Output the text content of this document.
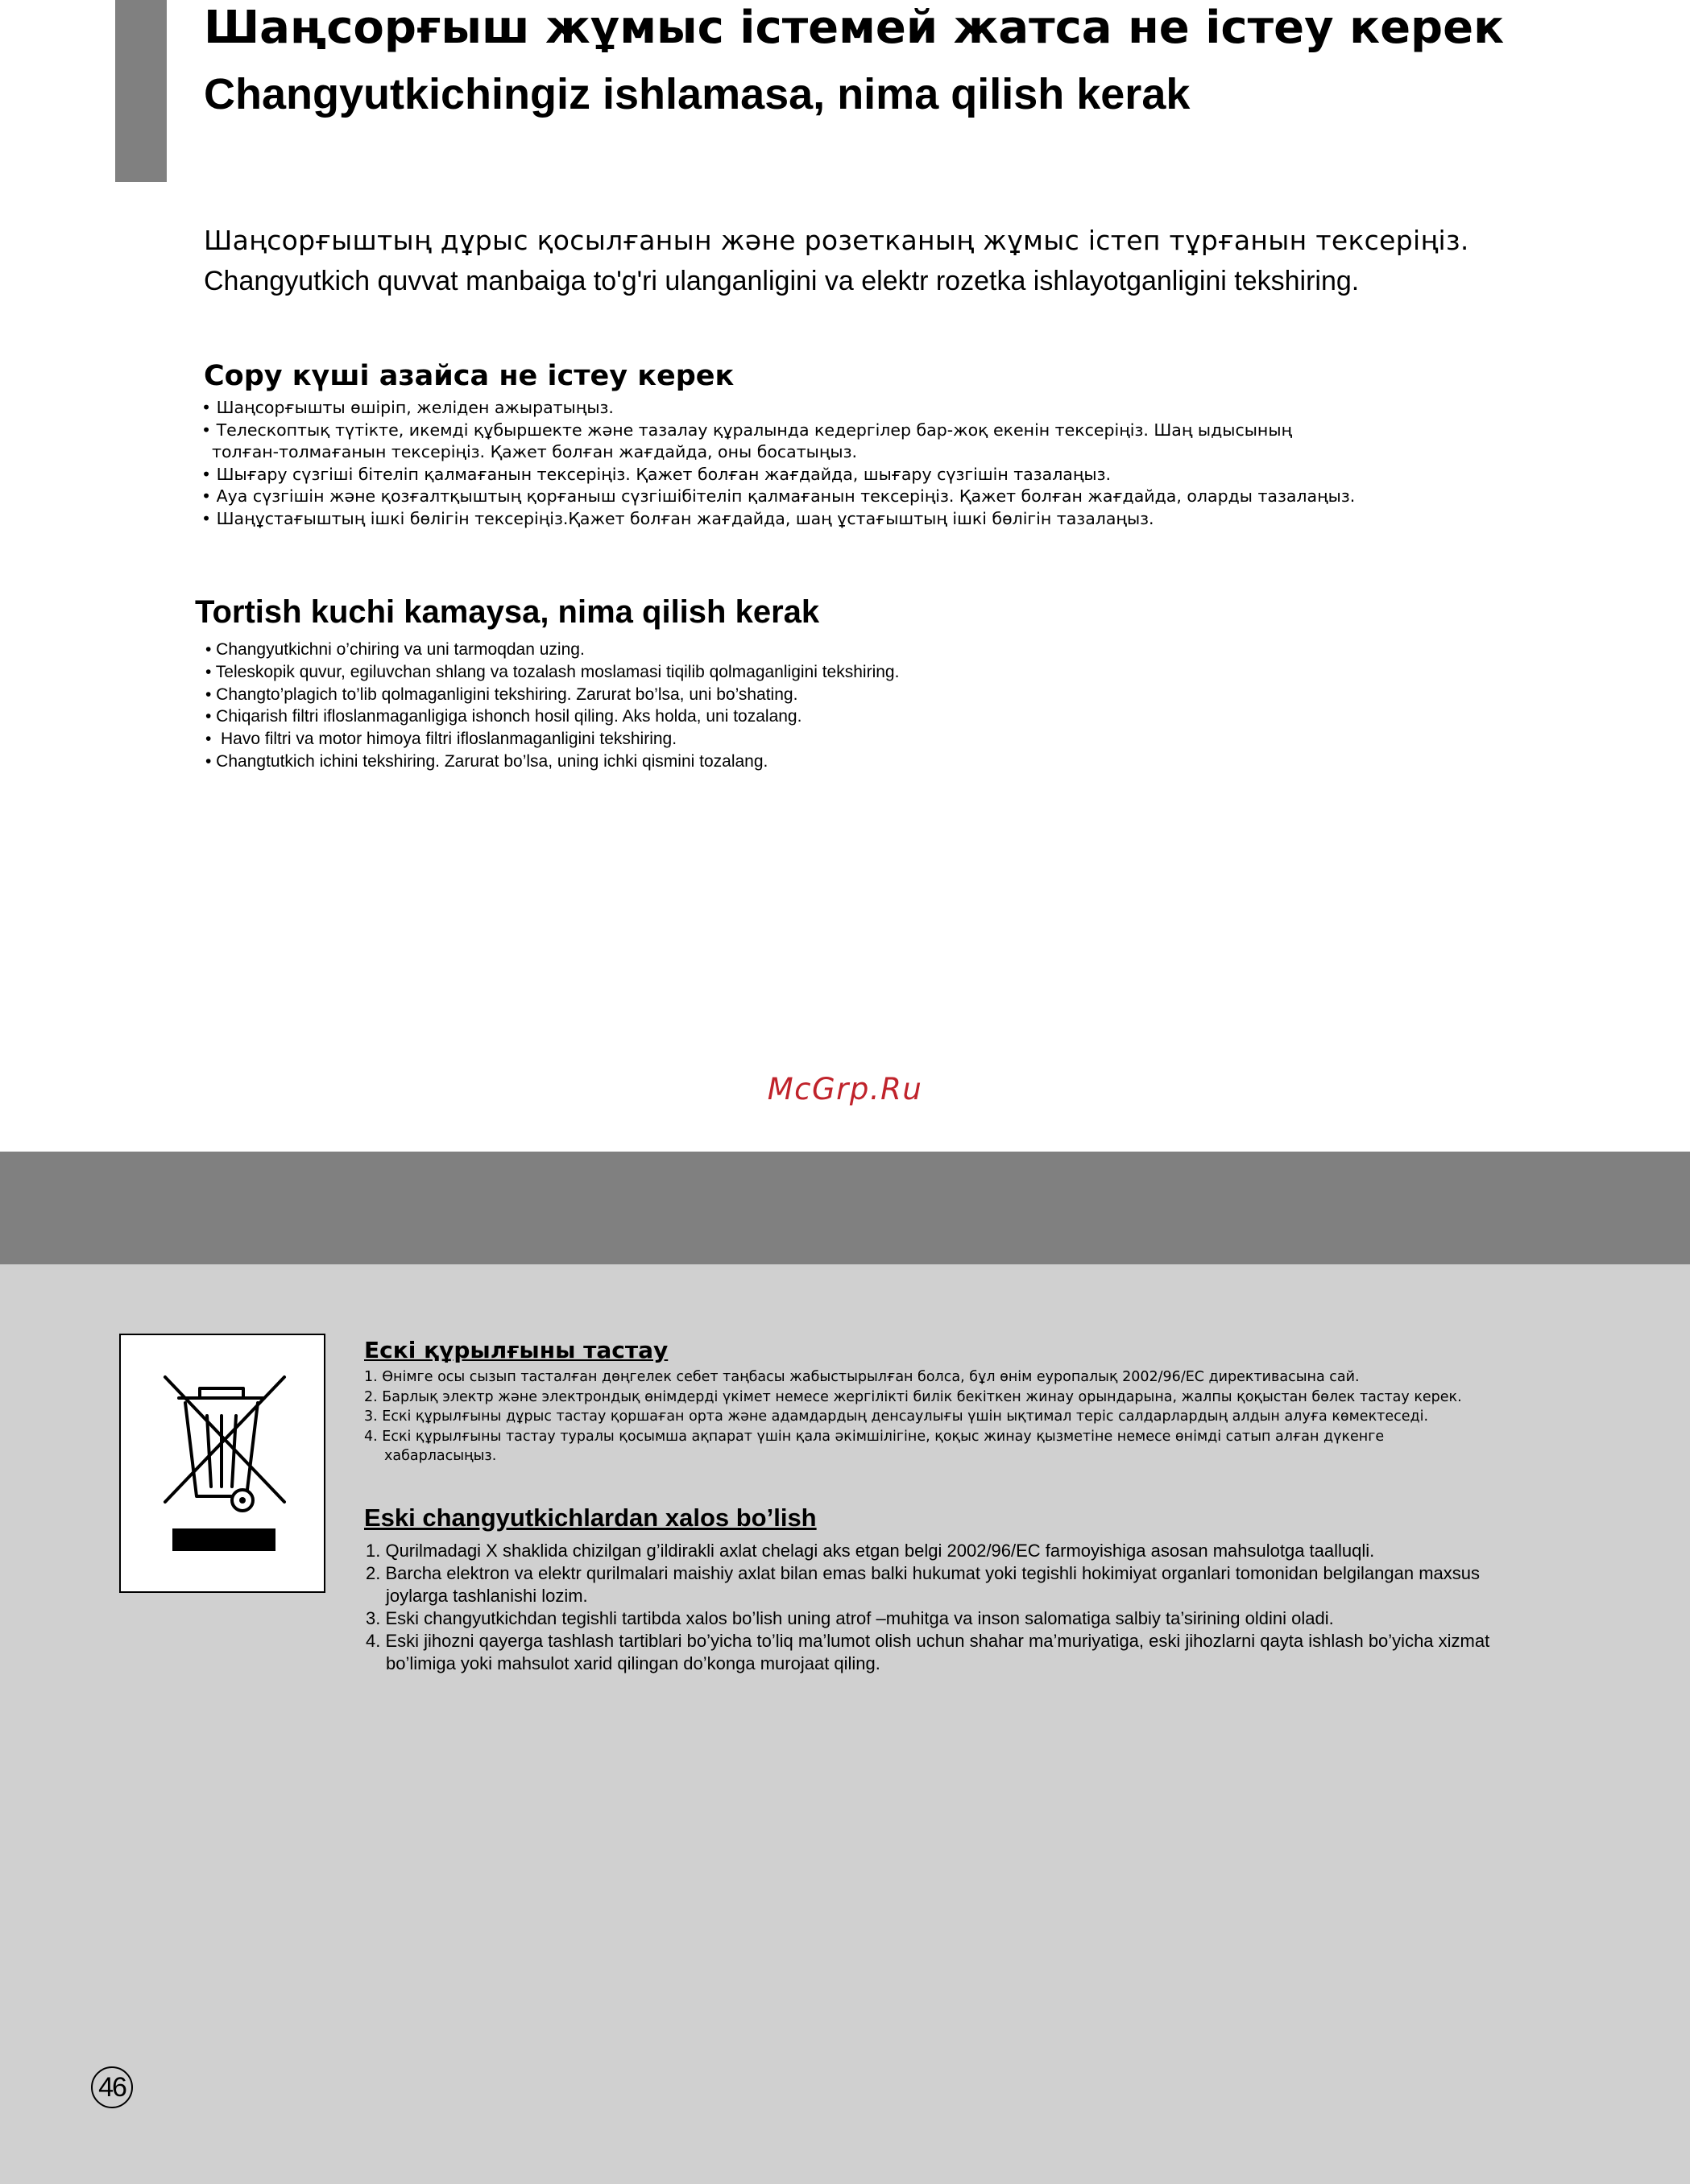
Шаңсорғыш жұмыс істемей жатса не істеу керек
Changyutkichingiz ishlamasa, nima qilish kerak
Шаңсорғыштың дұрыс қосылғанын және розетканың жұмыс істеп тұрғанын тексеріңіз.
Changyutkich quvvat manbaiga to'g'ri ulanganligini va elektr rozetka ishlayotganligini tekshiring.
Сору күші азайса не істеу керек
• Шаңсорғышты өшіріп, желіден ажыратыңыз.
• Телескоптық түтікте, икемді құбыршекте және тазалау құралында кедергілер бар-жоқ екенін тексеріңіз. Шаң ыдысының
толған-толмағанын тексеріңіз. Қажет болған жағдайда, оны босатыңыз.
• Шығару сүзгіші бітеліп қалмағанын тексеріңіз. Қажет болған жағдайда, шығару сүзгішін тазалаңыз.
• Ауа сүзгішін және қозғалтқыштың қорғаныш сүзгішібітеліп қалмағанын тексеріңіз. Қажет болған жағдайда, оларды тазалаңыз.
• Шаңұстағыштың ішкі бөлігін тексеріңіз.Қажет болған жағдайда, шаң ұстағыштың ішкі бөлігін тазалаңыз.
Tortish kuchi kamaysa, nima qilish kerak
• Changyutkichni o’chiring va uni tarmoqdan uzing.
• Teleskopik quvur, egiluvchan shlang va tozalash moslamasi tiqilib qolmaganligini tekshiring.
• Changto’plagich to’lib qolmaganligini tekshiring. Zarurat bo’lsa, uni bo’shating.
• Chiqarish filtri ifloslanmaganligiga ishonch hosil qiling. Aks holda, uni tozalang.
•  Havo filtri va motor himoya filtri ifloslanmaganligini tekshiring.
• Changtutkich ichini tekshiring. Zarurat bo’lsa, uning ichki qismini tozalang.
McGrp.Ru
Ескі құрылғыны тастау
1. Өнімге осы сызып тасталған дөңгелек себет таңбасы жабыстырылған болса, бұл өнім еуропалық 2002/96/ЕС директивасына сай.
2. Барлық электр және электрондық өнімдерді үкімет немесе жергілікті билік бекіткен жинау орындарына, жалпы қоқыстан бөлек тастау керек.
3. Ескі құрылғыны дұрыс тастау қоршаған орта және адамдардың денсаулығы үшін ықтимал теріс салдарлардың алдын алуға көмектеседі.
4. Ескі құрылғыны тастау туралы қосымша ақпарат үшін қала әкімшілігіне, қоқыс жинау қызметіне немесе өнімді сатып алған дүкенге
хабарласыңыз.
Eski changyutkichlardan xalos bo’lish
1. Qurilmadagi X shaklida chizilgan g’ildirakli axlat chelagi aks etgan belgi 2002/96/EC farmoyishiga asosan mahsulotga taalluqli.
2. Barcha elektron va elektr qurilmalari maishiy axlat bilan emas balki hukumat yoki tegishli hokimiyat organlari tomonidan belgilangan maxsus
joylarga tashlanishi lozim.
3. Eski changyutkichdan tegishli tartibda xalos bo’lish uning atrof –muhitga va inson salomatiga salbiy ta’sirining oldini oladi.
4. Eski jihozni qayerga tashlash tartiblari bo’yicha to’liq ma’lumot olish uchun shahar ma’muriyatiga, eski jihozlarni qayta ishlash bo’yicha xizmat
bo’limiga yoki mahsulot xarid qilingan do’konga murojaat qiling.
46
